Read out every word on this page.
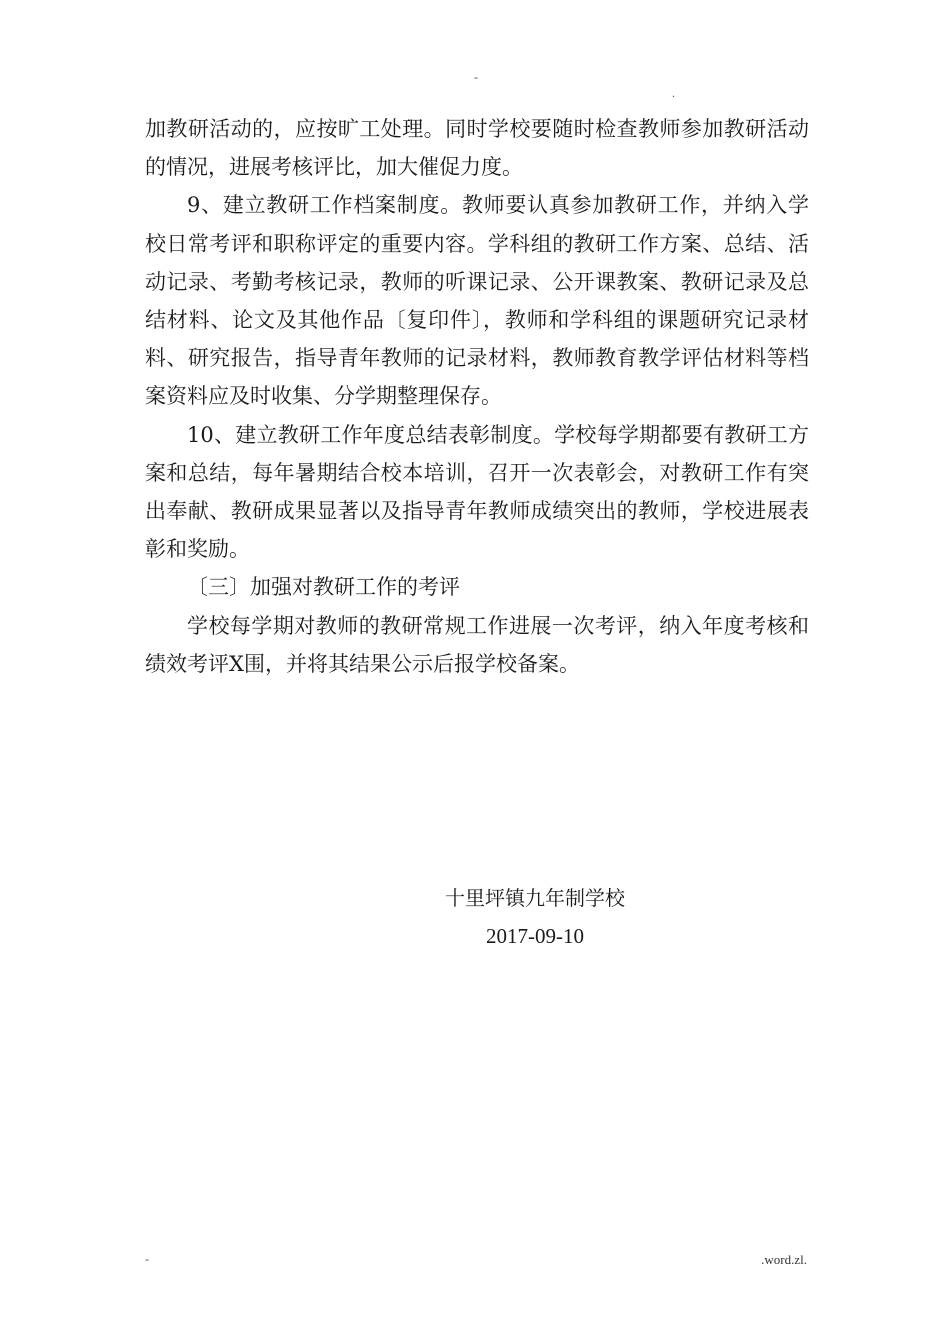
-
.

加教研活动的，应按旷工处理。同时学校要随时检查教师参加教研活动的情况，进展考核评比，加大催促力度。

9、建立教研工作档案制度。教师要认真参加教研工作，并纳入学校日常考评和职称评定的重要内容。学科组的教研工作方案、总结、活动记录、考勤考核记录，教师的听课记录、公开课教案、教研记录及总结材料、论文及其他作品〔复印件〕，教师和学科组的课题研究记录材料、研究报告，指导青年教师的记录材料，教师教育教学评估材料等档案资料应及时收集、分学期整理保存。

10、建立教研工作年度总结表彰制度。学校每学期都要有教研工方案和总结，每年暑期结合校本培训，召开一次表彰会，对教研工作有突出奉献、教研成果显著以及指导青年教师成绩突出的教师，学校进展表彰和奖励。

〔三〕加强对教研工作的考评

学校每学期对教师的教研常规工作进展一次考评，纳入年度考核和绩效考评X围，并将其结果公示后报学校备案。

十里坪镇九年制学校
2017-09-10
-	.word.zl.
